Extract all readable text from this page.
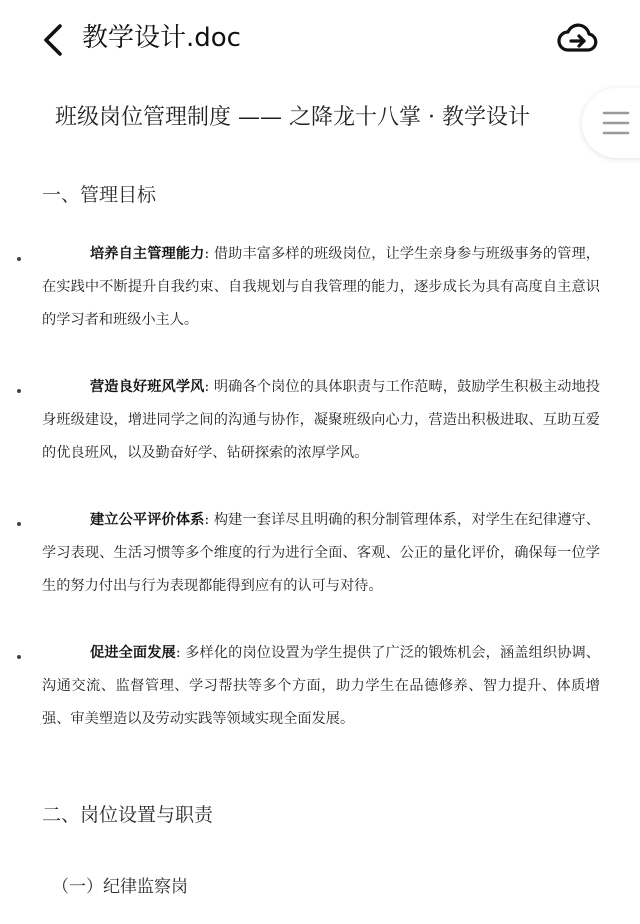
教学设计.doc
班级岗位管理制度 —— 之降龙十八掌 · 教学设计
一、管理目标

培养自主管理能力: 借助丰富多样的班级岗位，让学生亲身参与班级事务的管理，在实践中不断提升自我约束、自我规划与自我管理的能力，逐步成长为具有高度自主意识的学习者和班级小主人。

营造良好班风学风: 明确各个岗位的具体职责与工作范畴，鼓励学生积极主动地投身班级建设，增进同学之间的沟通与协作，凝聚班级向心力，营造出积极进取、互助互爱的优良班风，以及勤奋好学、钻研探索的浓厚学风。

建立公平评价体系: 构建一套详尽且明确的积分制管理体系，对学生在纪律遵守、学习表现、生活习惯等多个维度的行为进行全面、客观、公正的量化评价，确保每一位学生的努力付出与行为表现都能得到应有的认可与对待。

促进全面发展: 多样化的岗位设置为学生提供了广泛的锻炼机会，涵盖组织协调、沟通交流、监督管理、学习帮扶等多个方面，助力学生在品德修养、智力提升、体质增强、审美塑造以及劳动实践等领域实现全面发展。

二、岗位设置与职责
（一）纪律监察岗
